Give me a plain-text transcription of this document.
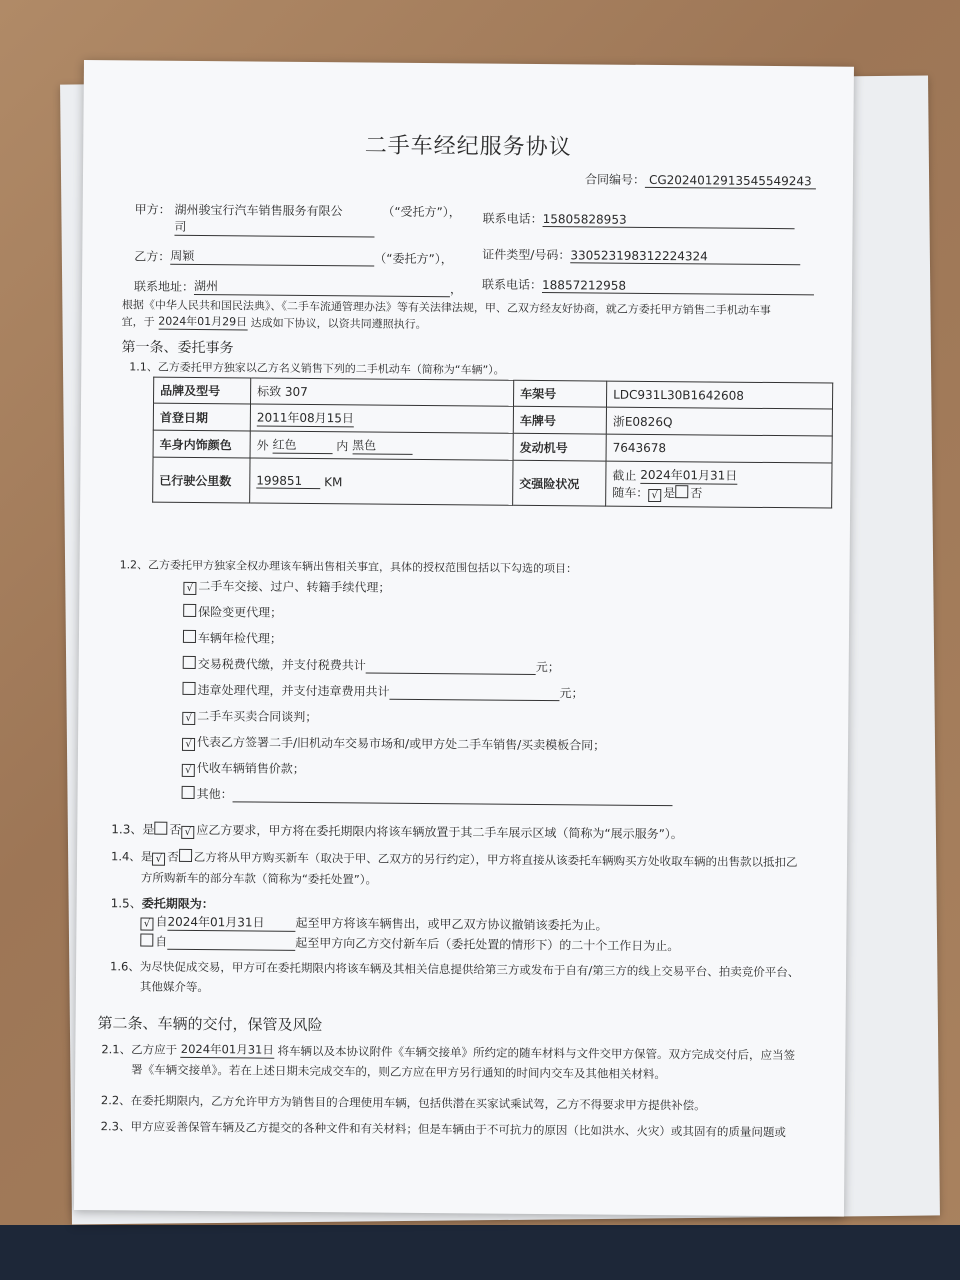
二手车经纪服务协议
合同编号： CG2024012913545549243
甲方： 湖州骏宝行汽车销售服务有限公
司 （“受托方”）， 联系电话：15805828953
乙方：周颖	（“委托方”）， 证件类型/号码：330523198312224324
联系地址：湖州	， 联系电话：18857212958
根据《中华人民共和国民法典》、《二手车流通管理办法》等有关法律法规，甲、乙双方经友好协商，就乙方委托甲方销售二手机动车事
宜，于 2024年01月29日 达成如下协议，以资共同遵照执行。
第一条、委托事务
1.1、乙方委托甲方独家以乙方名义销售下列的二手机动车（简称为“车辆”）。
品牌及型号	标致 307	车架号	LDC931L30B1642608
首登日期	2011年08月15日	车牌号	浙E0826Q
车身内饰颜色	外 红色 内 黑色	发动机号	7643678
已行驶公里数	199851 KM	交强险状况	截止 2024年01月31日
随车： √ 是 否
1.2、乙方委托甲方独家全权办理该车辆出售相关事宜，具体的授权范围包括以下勾选的项目：
√ 二手车交接、过户、转籍手续代理；
保险变更代理；
车辆年检代理；
交易税费代缴，并支付税费共计	元；
违章处理代理，并支付违章费用共计	元；
√ 二手车买卖合同谈判；
√ 代表乙方签署二手/旧机动车交易市场和/或甲方处二手车销售/买卖模板合同；
√ 代收车辆销售价款；
其他：
1.3、是 否 √ 应乙方要求，甲方将在委托期限内将该车辆放置于其二手车展示区域（简称为“展示服务”）。
1.4、是 √ 否 乙方将从甲方购买新车（取决于甲、乙双方的另行约定），甲方将直接从该委托车辆购买方处收取车辆的出售款以抵扣乙
方所购新车的部分车款（简称为“委托处置”）。
1.5、委托期限为：
√ 自2024年01月31日	起至甲方将该车辆售出，或甲乙双方协议撤销该委托为止。
自	起至甲方向乙方交付新车后（委托处置的情形下）的二十个工作日为止。
1.6、为尽快促成交易，甲方可在委托期限内将该车辆及其相关信息提供给第三方或发布于自有/第三方的线上交易平台、拍卖竞价平台、
其他媒介等。
第二条、车辆的交付，保管及风险
2.1、乙方应于 2024年01月31日 将车辆以及本协议附件《车辆交接单》所约定的随车材料与文件交甲方保管。双方完成交付后，应当签
署《车辆交接单》。若在上述日期未完成交车的，则乙方应在甲方另行通知的时间内交车及其他相关材料。
2.2、在委托期限内，乙方允许甲方为销售目的合理使用车辆，包括供潜在买家试乘试驾，乙方不得要求甲方提供补偿。
2.3、甲方应妥善保管车辆及乙方提交的各种文件和有关材料；但是车辆由于不可抗力的原因（比如洪水、火灾）或其固有的质量问题或
